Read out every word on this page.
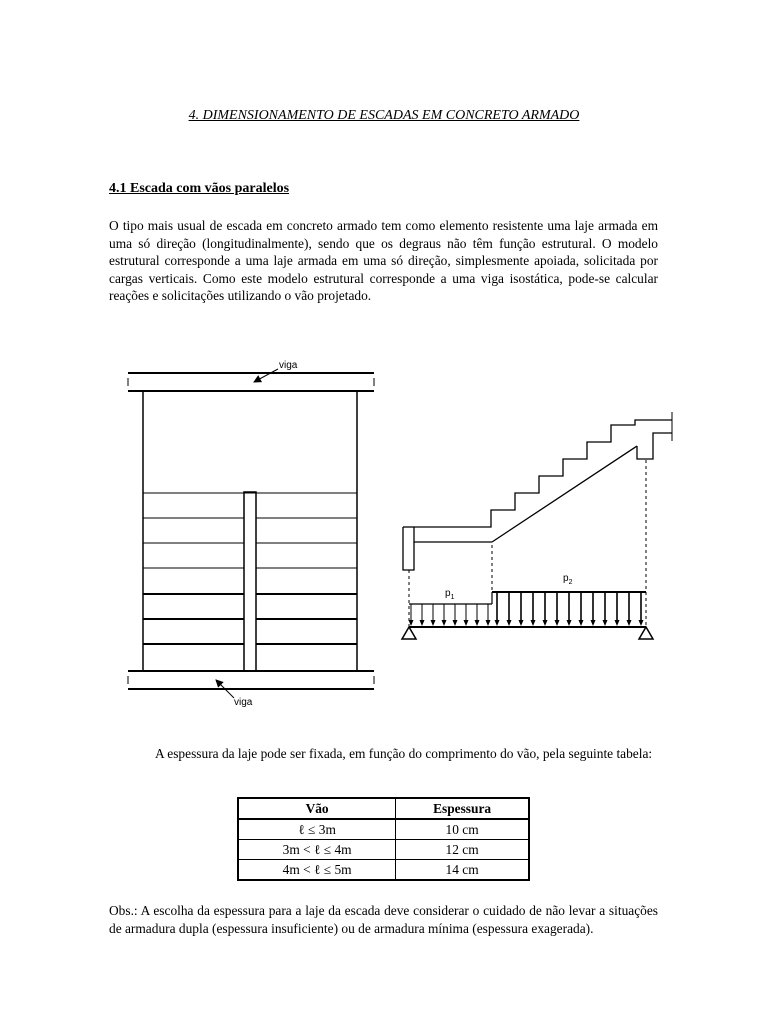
4. DIMENSIONAMENTO DE ESCADAS EM CONCRETO ARMADO
4.1 Escada com vãos paralelos
O tipo mais usual de escada em concreto armado tem como elemento resistente uma laje armada em uma só direção (longitudinalmente), sendo que os degraus não têm função estrutural. O modelo estrutural corresponde a uma laje armada em uma só direção, simplesmente apoiada, solicitada por cargas verticais. Como este modelo estrutural corresponde a uma viga isostática, pode-se calcular reações e solicitações utilizando o vão projetado.
viga
viga
$p_1$
$p_2$
A espessura da laje pode ser fixada, em função do comprimento do vão, pela seguinte tabela:
Vão	Espessura
ℓ ≤ 3m	10 cm
3m < ℓ ≤ 4m	12 cm
4m < ℓ ≤ 5m	14 cm
Obs.: A escolha da espessura para a laje da escada deve considerar o cuidado de não levar a situações de armadura dupla (espessura insuficiente) ou de armadura mínima (espessura exagerada).
